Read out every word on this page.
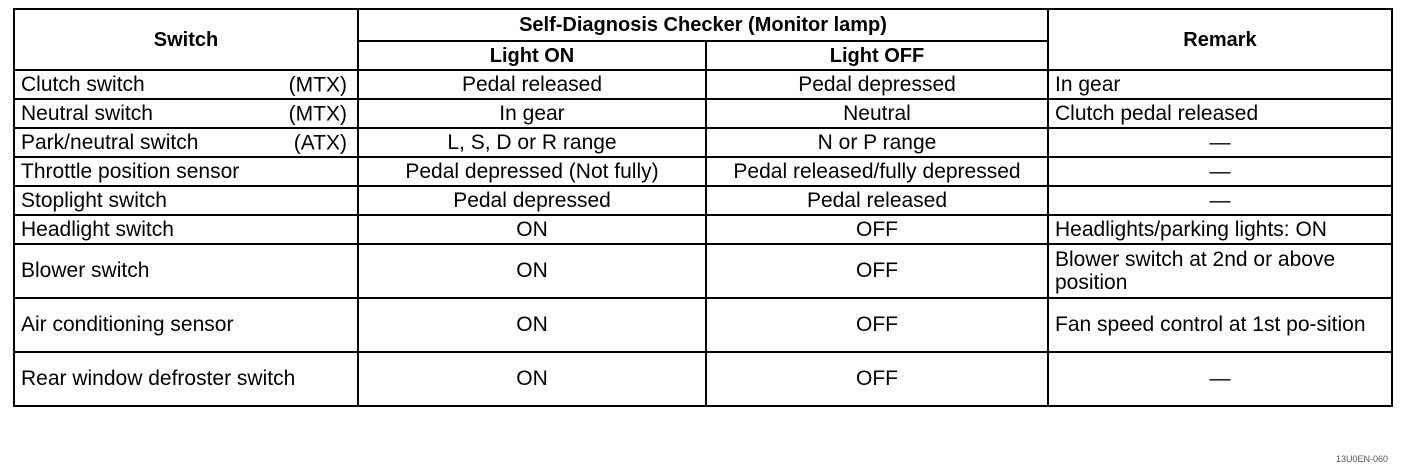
Switch	Self-Diagnosis Checker (Monitor lamp)		Remark
	Light ON	Light OFF	
Clutch switch (MTX)	Pedal released	Pedal depressed	In gear
Neutral switch (MTX)	In gear	Neutral	Clutch pedal released
Park/neutral switch (ATX)	L, S, D or R range	N or P range	—
Throttle position sensor	Pedal depressed (Not fully)	Pedal released/fully depressed	—
Stoplight switch	Pedal depressed	Pedal released	—
Headlight switch	ON	OFF	Headlights/parking lights: ON
Blower switch	ON	OFF	Blower switch at 2nd or above position
Air conditioning sensor	ON	OFF	Fan speed control at 1st po-sition
Rear window defroster switch	ON	OFF	—
13U0EN-060
